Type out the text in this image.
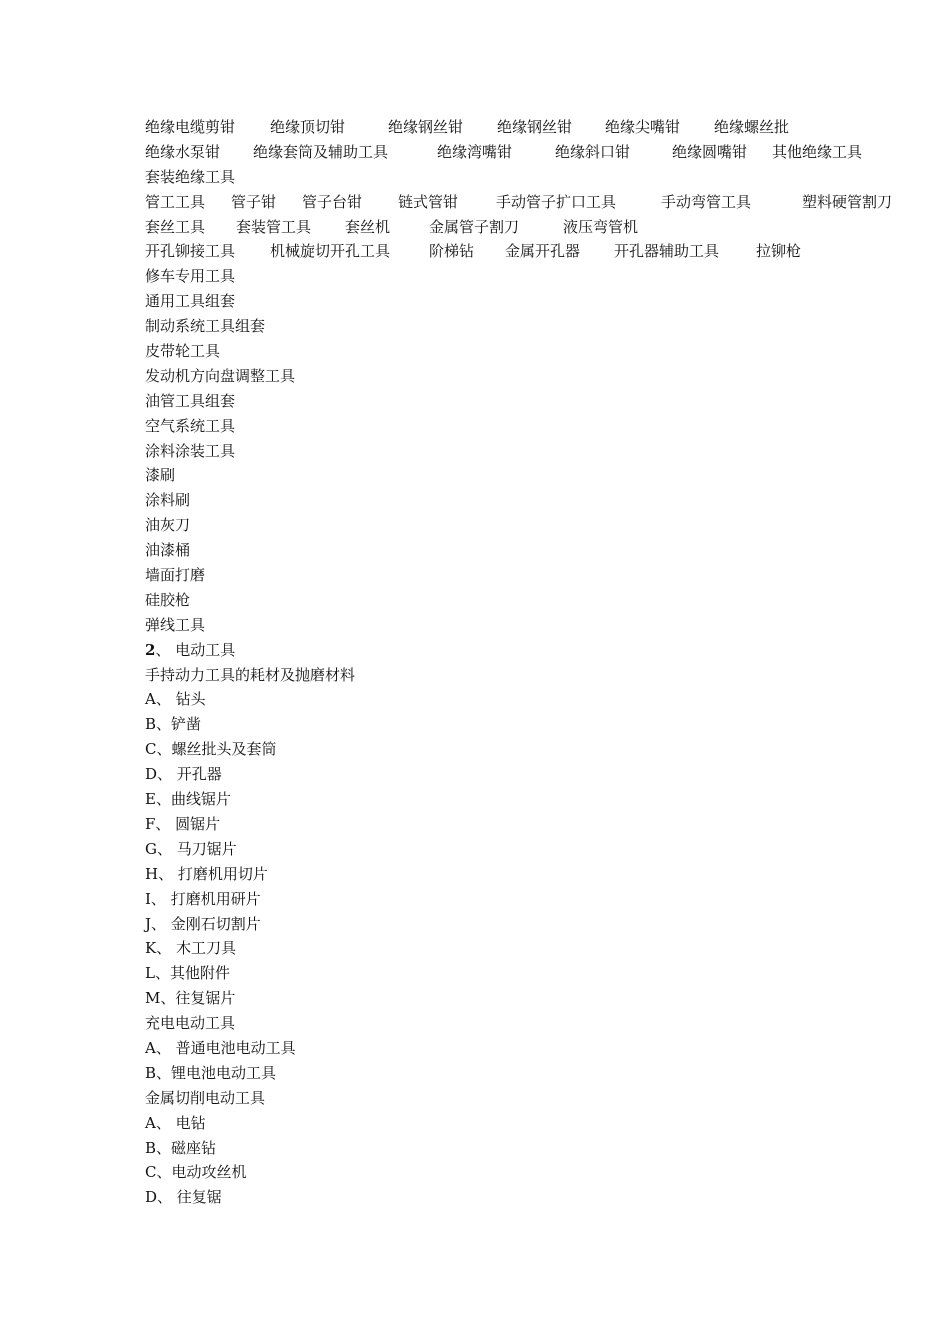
绝缘电缆剪钳 绝缘顶切钳	绝缘钢丝钳 绝缘钢丝钳 绝缘尖嘴钳 绝缘螺丝批
绝缘水泵钳 绝缘套筒及辅助工具	绝缘湾嘴钳	绝缘斜口钳	绝缘圆嘴钳 其他绝缘工具
套装绝缘工具
管工工具 管子钳 管子台钳 链式管钳	手动管子扩口工具	手动弯管工具	塑料硬管割刀
套丝工具 套装管工具 套丝机	金属管子割刀	液压弯管机
开孔铆接工具 机械旋切开孔工具	阶梯钻 金属开孔器 开孔器辅助工具 拉铆枪
修车专用工具
通用工具组套
制动系统工具组套
皮带轮工具
发动机方向盘调整工具
油管工具组套
空气系统工具
涂料涂装工具
漆刷
涂料刷
油灰刀
油漆桶
墙面打磨
硅胶枪
弹线工具
2、 电动工具
手持动力工具的耗材及抛磨材料
A、 钻头
B、铲凿
C、螺丝批头及套筒
D、 开孔器
E、曲线锯片
F、 圆锯片
G、 马刀锯片
H、 打磨机用切片
I、 打磨机用研片
J、 金刚石切割片
K、 木工刀具
L、其他附件
M、往复锯片
充电电动工具
A、 普通电池电动工具
B、锂电池电动工具
金属切削电动工具
A、 电钻
B、磁座钻
C、电动攻丝机
D、 往复锯
